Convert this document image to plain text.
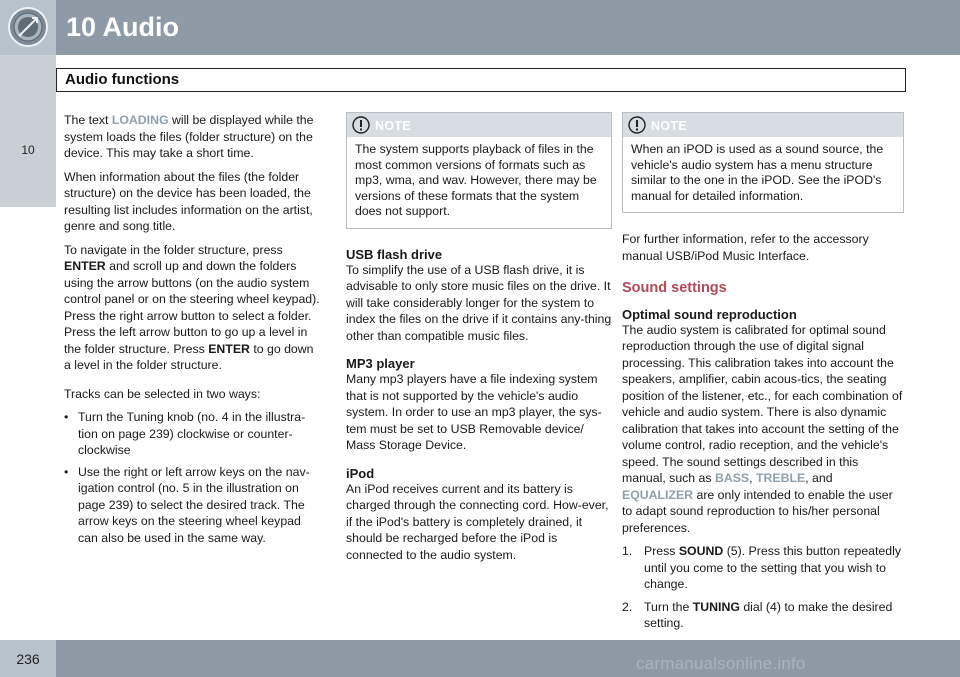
10 Audio
10
Audio functions

The text LOADING will be displayed while the system loads the files (folder structure) on the device. This may take a short time.

When information about the files (the folder structure) on the device has been loaded, the resulting list includes information on the artist, genre and song title.

To navigate in the folder structure, press ENTER and scroll up and down the folders using the arrow buttons (on the audio system control panel or on the steering wheel keypad). Press the right arrow button to select a folder. Press the left arrow button to go up a level in the folder structure. Press ENTER to go down a level in the folder structure.

Tracks can be selected in two ways:

• Turn the Tuning knob (no. 4 in the illustra-tion on page 239) clockwise or counter-clockwise
• Use the right or left arrow keys on the nav-igation control (no. 5 in the illustration on page 239) to select the desired track. The arrow keys on the steering wheel keypad can also be used in the same way.
NOTE
The system supports playback of files in the most common versions of formats such as mp3, wma, and wav. However, there may be versions of these formats that the system does not support.
USB flash drive

To simplify the use of a USB flash drive, it is advisable to only store music files on the drive. It will take considerably longer for the system to index the files on the drive if it contains any-thing other than compatible music files.

MP3 player

Many mp3 players have a file indexing system that is not supported by the vehicle's audio system. In order to use an mp3 player, the sys-tem must be set to USB Removable device/ Mass Storage Device.

iPod

An iPod receives current and its battery is charged through the connecting cord. How-ever, if the iPod's battery is completely drained, it should be recharged before the iPod is connected to the audio system.

NOTE
When an iPOD is used as a sound source, the vehicle's audio system has a menu structure similar to the one in the iPOD. See the iPOD's manual for detailed information.

For further information, refer to the accessory manual USB/iPod Music Interface.

Sound settings
Optimal sound reproduction

The audio system is calibrated for optimal sound reproduction through the use of digital signal processing. This calibration takes into account the speakers, amplifier, cabin acous-tics, the seating position of the listener, etc., for each combination of vehicle and audio system. There is also dynamic calibration that takes into account the setting of the volume control, radio reception, and the vehicle's speed. The sound settings described in this manual, such as BASS, TREBLE, and EQUALIZER are only intended to enable the user to adapt sound reproduction to his/her personal preferences.

1. Press SOUND (5). Press this button repeatedly until you come to the setting that you wish to change.
2. Turn the TUNING dial (4) to make the desired setting.
236	carmanualsonline.info
